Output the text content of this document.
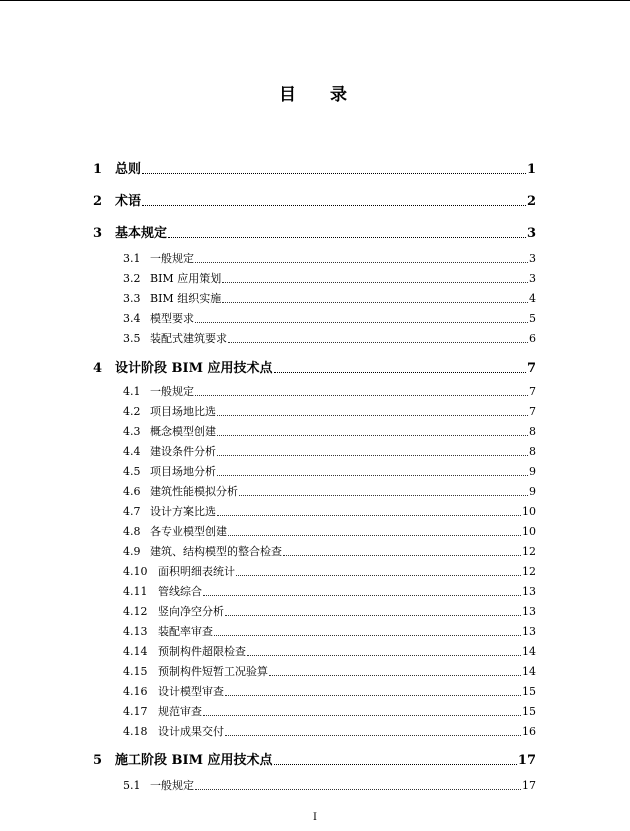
目 录
1 总则	1
2 术语	2
3 基本规定	3
3.1 一般规定	3
3.2 BIM 应用策划	3
3.3 BIM 组织实施	4
3.4 模型要求	5
3.5 装配式建筑要求	6
4 设计阶段 BIM 应用技术点	7
4.1 一般规定	7
4.2 项目场地比选	7
4.3 概念模型创建	8
4.4 建设条件分析	8
4.5 项目场地分析	9
4.6 建筑性能模拟分析	9
4.7 设计方案比选	10
4.8 各专业模型创建	10
4.9 建筑、结构模型的整合检查	12
4.10 面积明细表统计	12
4.11 管线综合	13
4.12 竖向净空分析	13
4.13 装配率审查	13
4.14 预制构件超限检查	14
4.15 预制构件短暂工况验算	14
4.16 设计模型审查	15
4.17 规范审查	15
4.18 设计成果交付	16
5 施工阶段 BIM 应用技术点	17
5.1 一般规定	17
I
